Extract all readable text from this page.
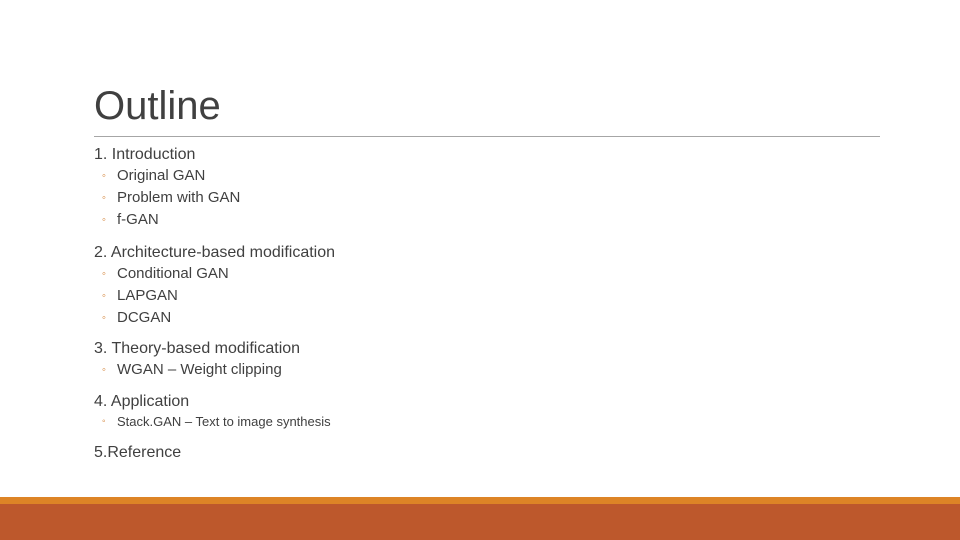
Outline
1. Introduction
◦ Original GAN
◦ Problem with GAN
◦ f-GAN
2. Architecture-based modification
◦ Conditional GAN
◦ LAPGAN
◦ DCGAN
3. Theory-based modification
◦ WGAN – Weight clipping
4. Application
◦ Stack.GAN – Text to image synthesis
5.Reference
